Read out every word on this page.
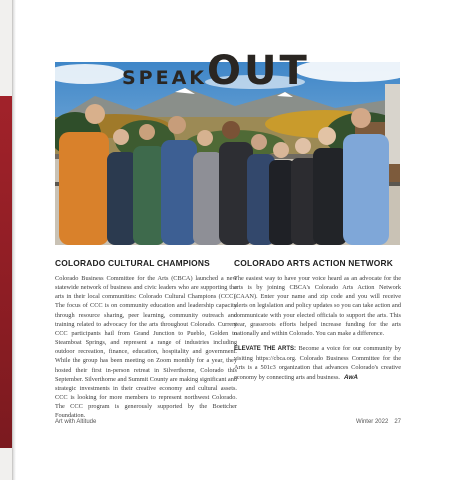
SPEAKOUT
COLORADO CULTURAL CHAMPIONS

Colorado Business Committee for the Arts (CBCA) launched a new statewide network of business and civic leaders who are supporting the arts in their local communities: Colorado Cultural Champions (CCC). The focus of CCC is on community education and leadership capacity through resource sharing, peer learning, community outreach and training related to advocacy for the arts throughout Colorado. Current CCC participants hail from Grand Junction to Pueblo, Golden to Steamboat Springs, and represent a range of industries including outdoor recreation, finance, education, hospitality and government. While the group has been meeting on Zoom monthly for a year, they hosted their first in-person retreat in Silverthorne, Colorado this September. Silverthorne and Summit County are making significant and strategic investments in their creative economy and cultural assets. CCC is looking for more members to represent northwest Colorado. The CCC program is generously supported by the Boettcher Foundation.

COLORADO ARTS ACTION NETWORK

The easiest way to have your voice heard as an advocate for the arts is by joining CBCA's Colorado Arts Action Network (CAAN). Enter your name and zip code and you will receive alerts on legislation and policy updates so you can take action and communicate with your elected officials to support the arts. This year, grassroots efforts helped increase funding for the arts nationally and within Colorado. You can make a difference.

ELEVATE THE ARTS: Become a voice for our community by visiting https://cbca.org. Colorado Business Committee for the Arts is a 501c3 organization that advances Colorado's creative economy by connecting arts and business. AwA

Art with Altitude	Winter 2022 27
